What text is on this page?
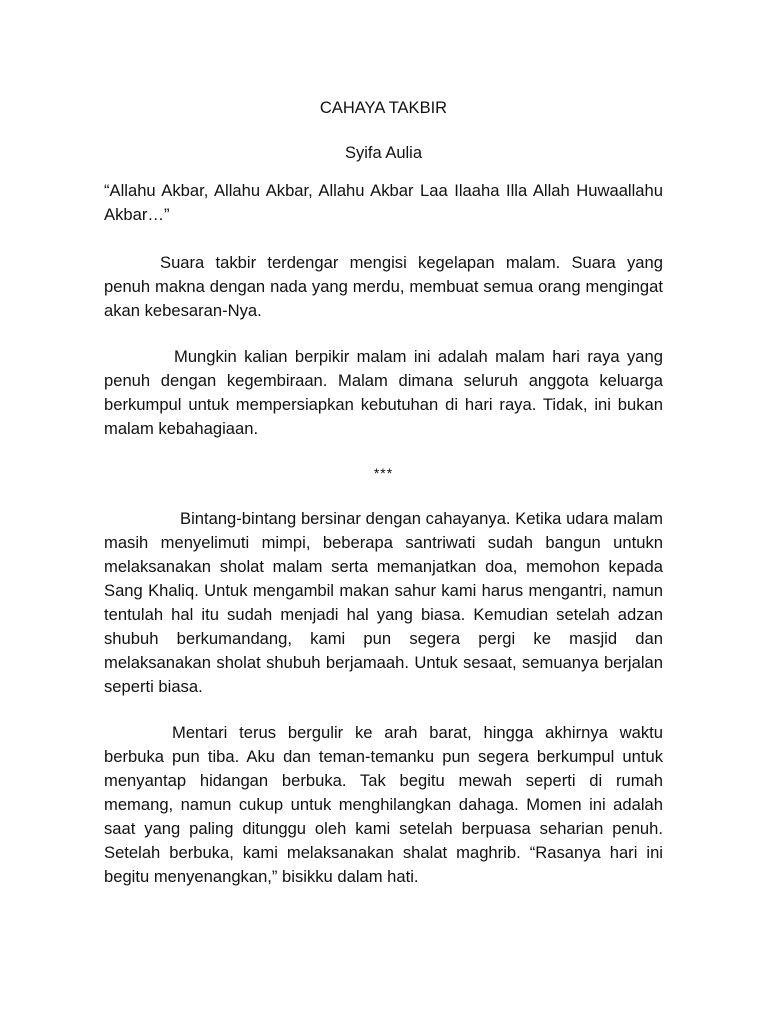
CAHAYA TAKBIR
Syifa Aulia

“Allahu Akbar, Allahu Akbar, Allahu Akbar Laa Ilaaha Illa Allah Huwaallahu Akbar…”

Suara takbir terdengar mengisi kegelapan malam. Suara yang penuh makna dengan nada yang merdu, membuat semua orang mengingat akan kebesaran-Nya.

Mungkin kalian berpikir malam ini adalah malam hari raya yang penuh dengan kegembiraan. Malam dimana seluruh anggota keluarga berkumpul untuk mempersiapkan kebutuhan di hari raya. Tidak, ini bukan malam kebahagiaan.

***

Bintang-bintang bersinar dengan cahayanya. Ketika udara malam masih menyelimuti mimpi, beberapa santriwati sudah bangun untukn melaksanakan sholat malam serta memanjatkan doa, memohon kepada Sang Khaliq. Untuk mengambil makan sahur kami harus mengantri, namun tentulah hal itu sudah menjadi hal yang biasa. Kemudian setelah adzan shubuh berkumandang, kami pun segera pergi ke masjid dan melaksanakan sholat shubuh berjamaah. Untuk sesaat, semuanya berjalan seperti biasa.

Mentari terus bergulir ke arah barat, hingga akhirnya waktu berbuka pun tiba. Aku dan teman-temanku pun segera berkumpul untuk menyantap hidangan berbuka. Tak begitu mewah seperti di rumah memang, namun cukup untuk menghilangkan dahaga. Momen ini adalah saat yang paling ditunggu oleh kami setelah berpuasa seharian penuh. Setelah berbuka, kami melaksanakan shalat maghrib. “Rasanya hari ini begitu menyenangkan,” bisikku dalam hati.
